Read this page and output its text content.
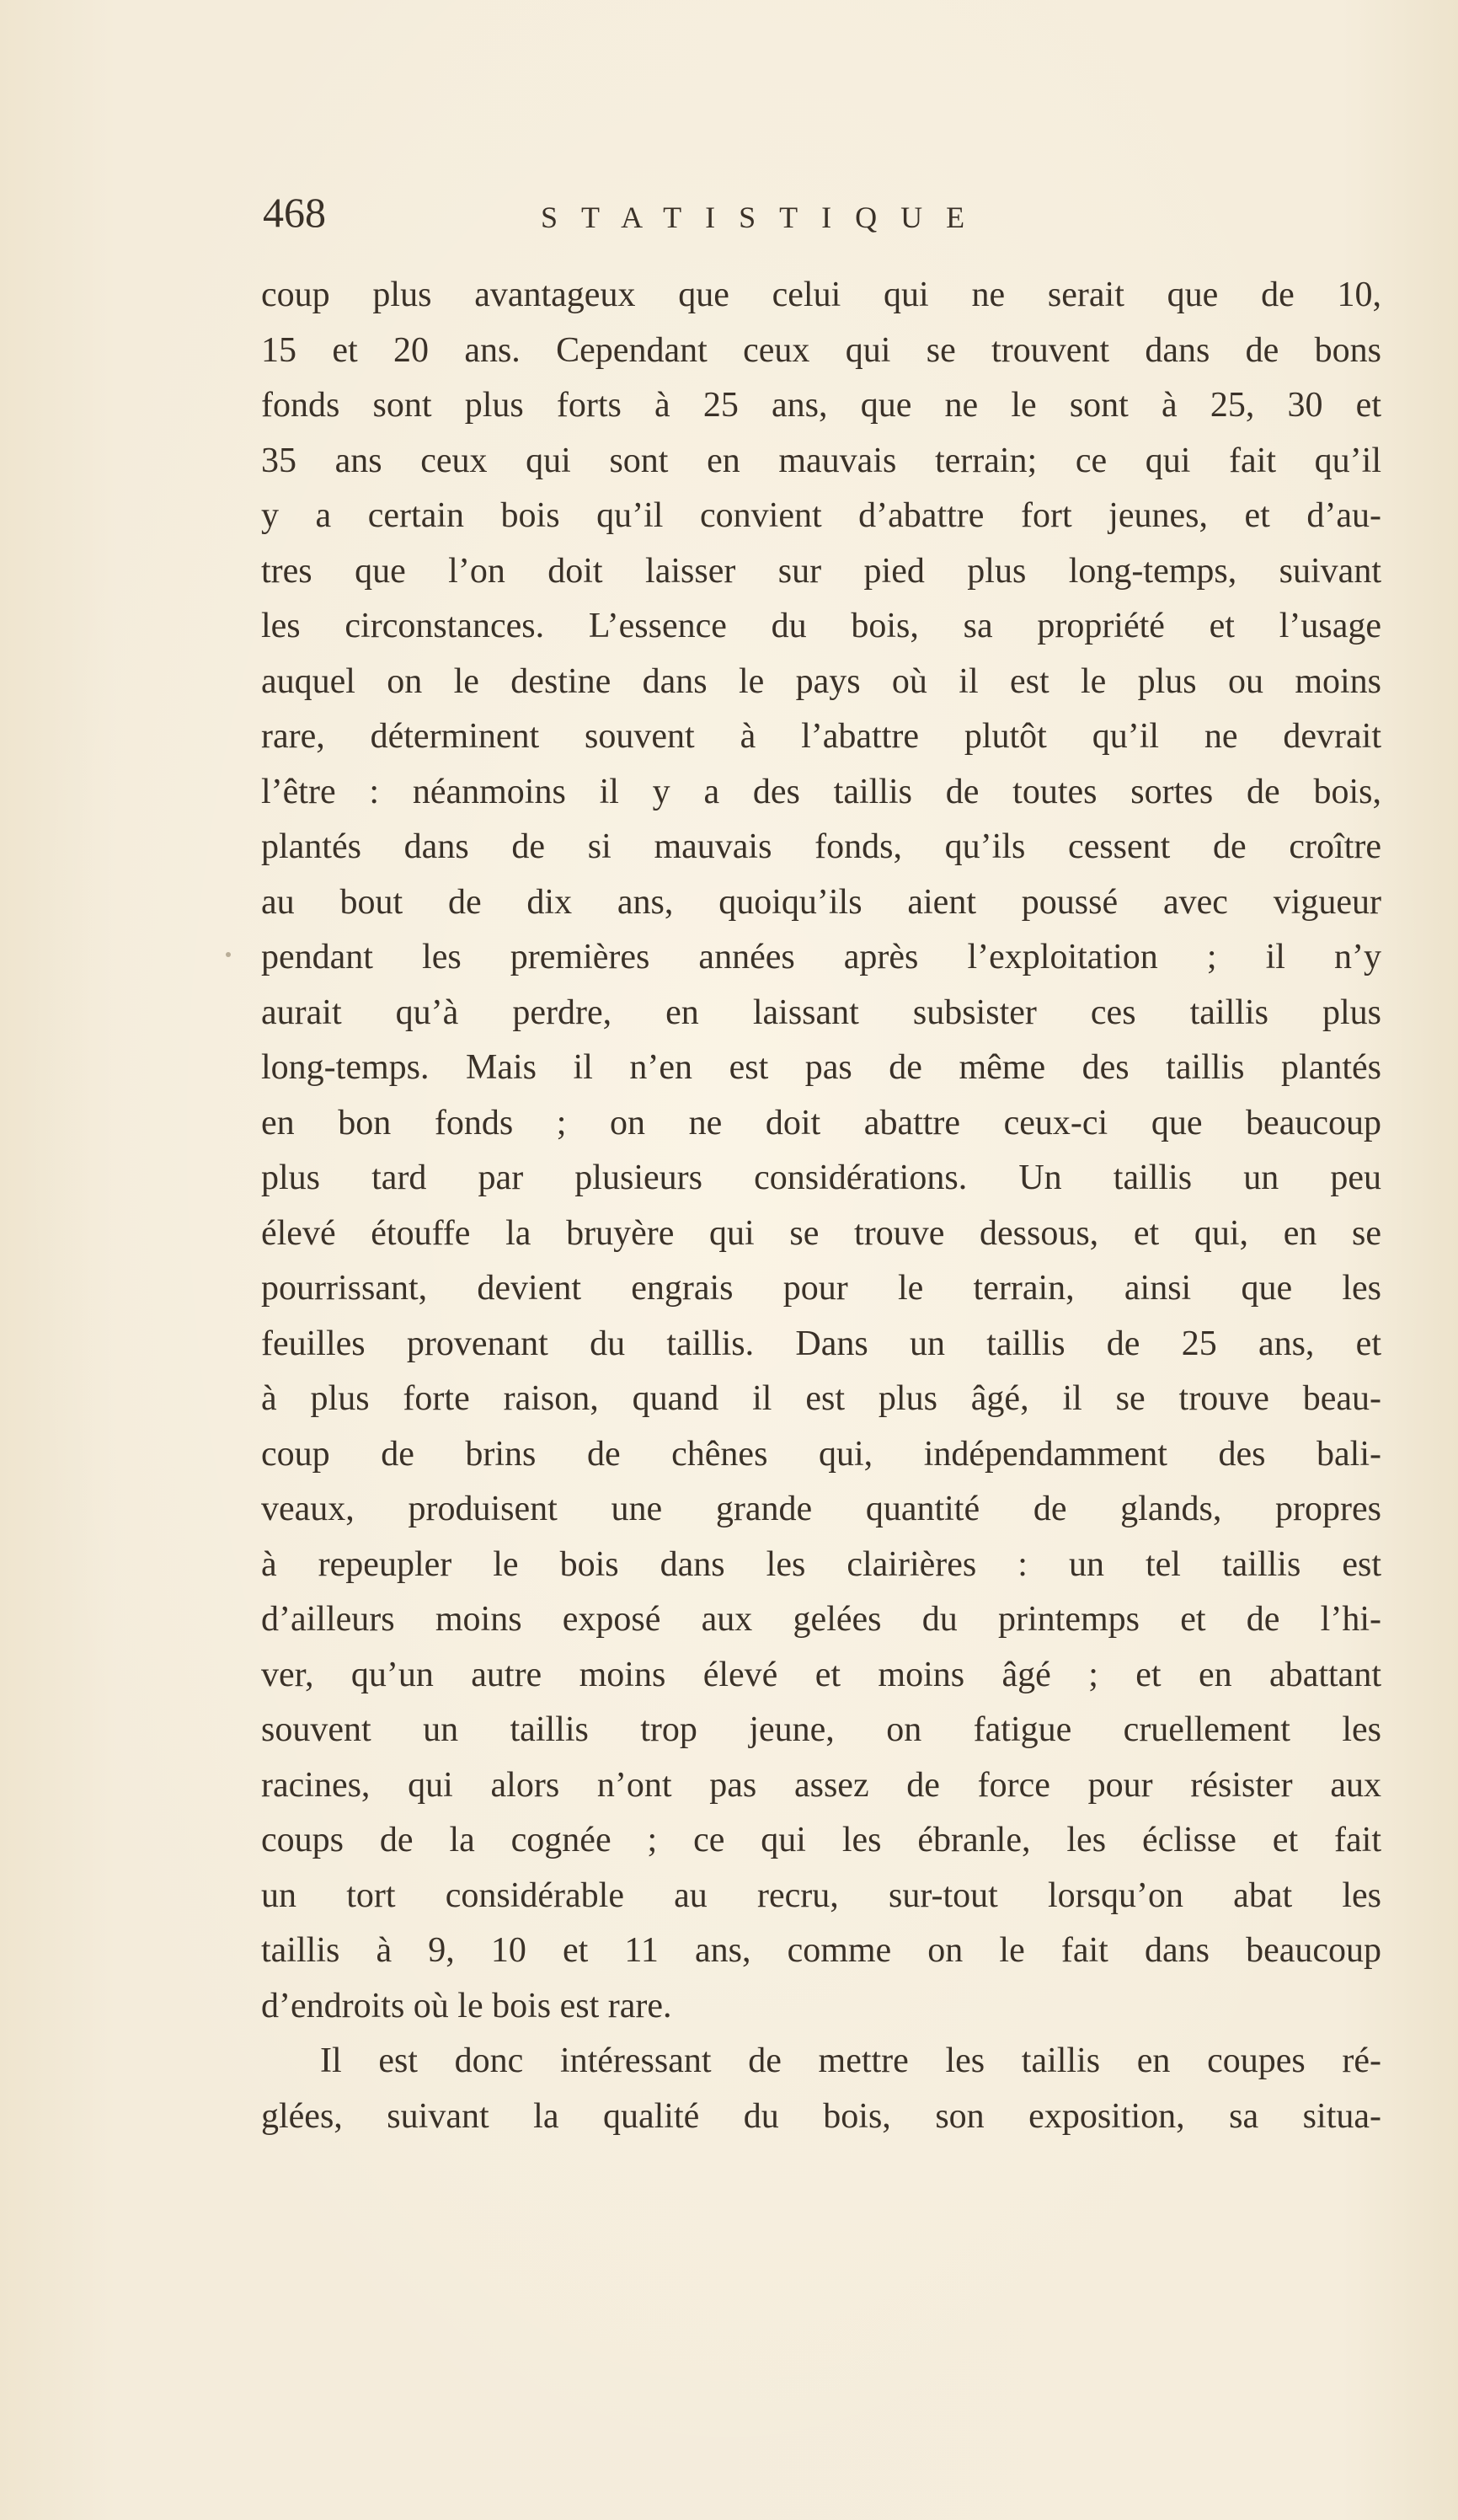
468	STATISTIQUE
coup plus avantageux que celui qui ne serait que de 10,
15 et 20 ans. Cependant ceux qui se trouvent dans de bons
fonds sont plus forts à 25 ans, que ne le sont à 25, 30 et
35 ans ceux qui sont en mauvais terrain; ce qui fait qu’il
y a certain bois qu’il convient d’abattre fort jeunes, et d’au-
tres que l’on doit laisser sur pied plus long-temps, suivant
les circonstances. L’essence du bois, sa propriété et l’usage
auquel on le destine dans le pays où il est le plus ou moins
rare, déterminent souvent à l’abattre plutôt qu’il ne devrait
l’être : néanmoins il y a des taillis de toutes sortes de bois,
plantés dans de si mauvais fonds, qu’ils cessent de croître
au bout de dix ans, quoiqu’ils aient poussé avec vigueur
pendant les premières années après l’exploitation ; il n’y
aurait qu’à perdre, en laissant subsister ces taillis plus
long-temps. Mais il n’en est pas de même des taillis plantés
en bon fonds ; on ne doit abattre ceux-ci que beaucoup
plus tard par plusieurs considérations. Un taillis un peu
élevé étouffe la bruyère qui se trouve dessous, et qui, en se
pourrissant, devient engrais pour le terrain, ainsi que les
feuilles provenant du taillis. Dans un taillis de 25 ans, et
à plus forte raison, quand il est plus âgé, il se trouve beau-
coup de brins de chênes qui, indépendamment des bali-
veaux, produisent une grande quantité de glands, propres
à repeupler le bois dans les clairières : un tel taillis est
d’ailleurs moins exposé aux gelées du printemps et de l’hi-
ver, qu’un autre moins élevé et moins âgé ; et en abattant
souvent un taillis trop jeune, on fatigue cruellement les
racines, qui alors n’ont pas assez de force pour résister aux
coups de la cognée ; ce qui les ébranle, les éclisse et fait
un tort considérable au recru, sur-tout lorsqu’on abat les
taillis à 9, 10 et 11 ans, comme on le fait dans beaucoup
d’endroits où le bois est rare.
Il est donc intéressant de mettre les taillis en coupes ré-
glées, suivant la qualité du bois, son exposition, sa situa-
